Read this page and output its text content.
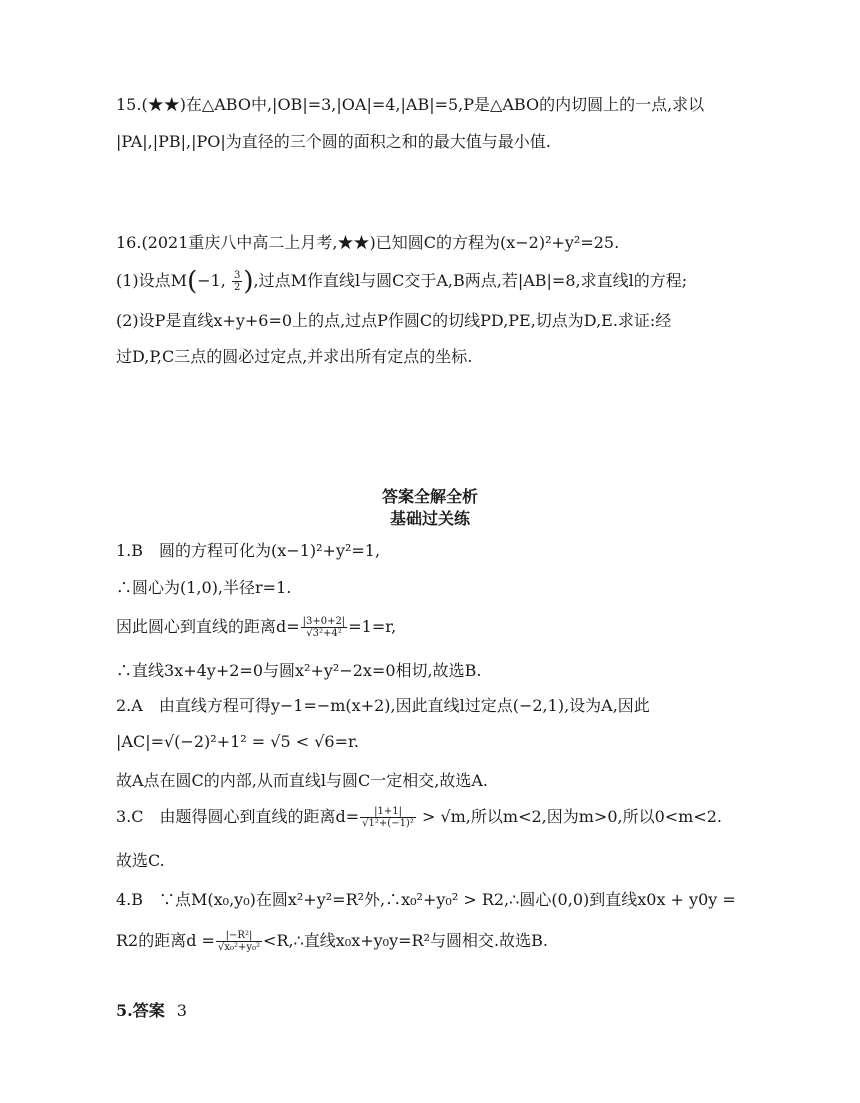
15.(★★)在△ABO中,|OB|=3,|OA|=4,|AB|=5,P是△ABO的内切圆上的一点,求以
|PA|,|PB|,|PO|为直径的三个圆的面积之和的最大值与最小值.
16.(2021重庆八中高二上月考,★★)已知圆C的方程为(x−2)²+y²=25.
(1)设点M(−1, $\frac{3}{2}$ ),过点M作直线l与圆C交于A,B两点,若|AB|=8,求直线l的方程;
(2)设P是直线x+y+6=0上的点,过点P作圆C的切线PD,PE,切点为D,E.求证:经
过D,P,C三点的圆必过定点,并求出所有定点的坐标.
答案全解全析
基础过关练
1.B　圆的方程可化为(x−1)²+y²=1,
∴圆心为(1,0),半径r=1.
因此圆心到直线的距离$d= \frac{|3+0+2|}{\text{√3²+4²}} =1=r$,
∴直线3x+4y+2=0与圆x²+y²−2x=0相切,故选B.
2.A　由直线方程可得y−1=−m(x+2),因此直线l过定点(−2,1),设为A,因此
|AC|=√(−2)²+1² = √5 < √6=r.
故A点在圆C的内部,从而直线l与圆C一定相交,故选A.
3.C　由题得圆心到直线的距离$d= \frac{|1+1|}{\text{√1²+(−1)²}} > √m$,所以m<2,因为m>0,所以0<m<2.
故选C.
4.B　∵点M(x₀,y₀)在圆x²+y²=R²外,∴x₀²+y₀² > R2,∴圆心(0,0)到直线x0x + y0y =
R2的距离$d = \frac{\text{|−R²|}}{\text{√x₀²+y₀²}}$ <R,∴直线x₀x+y₀y=R²与圆相交.故选B.
5.答案 3
